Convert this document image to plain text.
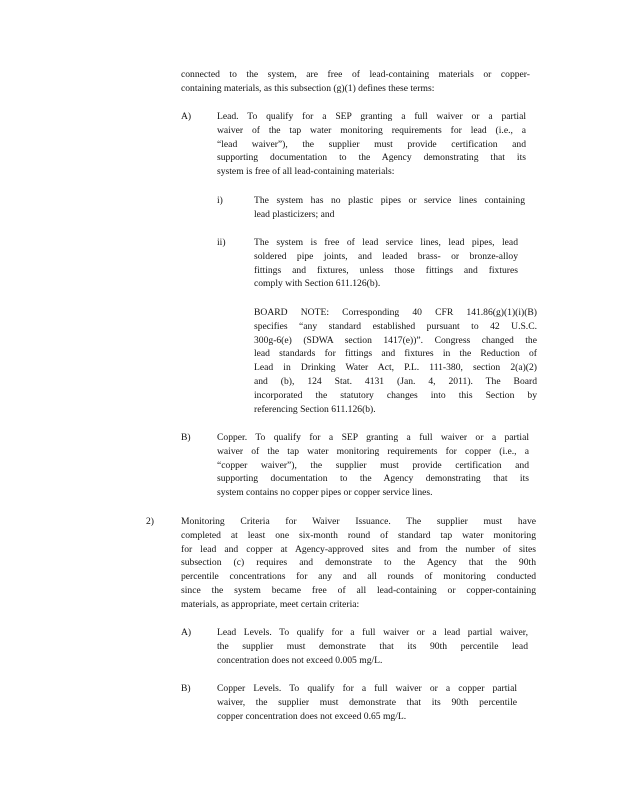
connected to the system, are free of lead-containing materials or copper-
containing materials, as this subsection (g)(1) defines these terms:
A)	Lead. To qualify for a SEP granting a full waiver or a partial
waiver of the tap water monitoring requirements for lead (i.e., a
“lead waiver”), the supplier must provide certification and
supporting documentation to the Agency demonstrating that its
system is free of all lead-containing materials:
i)	The system has no plastic pipes or service lines containing
lead plasticizers; and
ii)	The system is free of lead service lines, lead pipes, lead
soldered pipe joints, and leaded brass- or bronze-alloy
fittings and fixtures, unless those fittings and fixtures
comply with Section 611.126(b).
BOARD NOTE: Corresponding 40 CFR 141.86(g)(1)(i)(B)
specifies “any standard established pursuant to 42 U.S.C.
300g-6(e) (SDWA section 1417(e))”. Congress changed the
lead standards for fittings and fixtures in the Reduction of
Lead in Drinking Water Act, P.L. 111-380, section 2(a)(2)
and (b), 124 Stat. 4131 (Jan. 4, 2011). The Board
incorporated the statutory changes into this Section by
referencing Section 611.126(b).
B)	Copper. To qualify for a SEP granting a full waiver or a partial
waiver of the tap water monitoring requirements for copper (i.e., a
“copper waiver”), the supplier must provide certification and
supporting documentation to the Agency demonstrating that its
system contains no copper pipes or copper service lines.
2)	Monitoring Criteria for Waiver Issuance. The supplier must have
completed at least one six-month round of standard tap water monitoring
for lead and copper at Agency-approved sites and from the number of sites
subsection (c) requires and demonstrate to the Agency that the 90th
percentile concentrations for any and all rounds of monitoring conducted
since the system became free of all lead-containing or copper-containing
materials, as appropriate, meet certain criteria:
A)	Lead Levels. To qualify for a full waiver or a lead partial waiver,
the supplier must demonstrate that its 90th percentile lead
concentration does not exceed 0.005 mg/L.
B)	Copper Levels. To qualify for a full waiver or a copper partial
waiver, the supplier must demonstrate that its 90th percentile
copper concentration does not exceed 0.65 mg/L.
